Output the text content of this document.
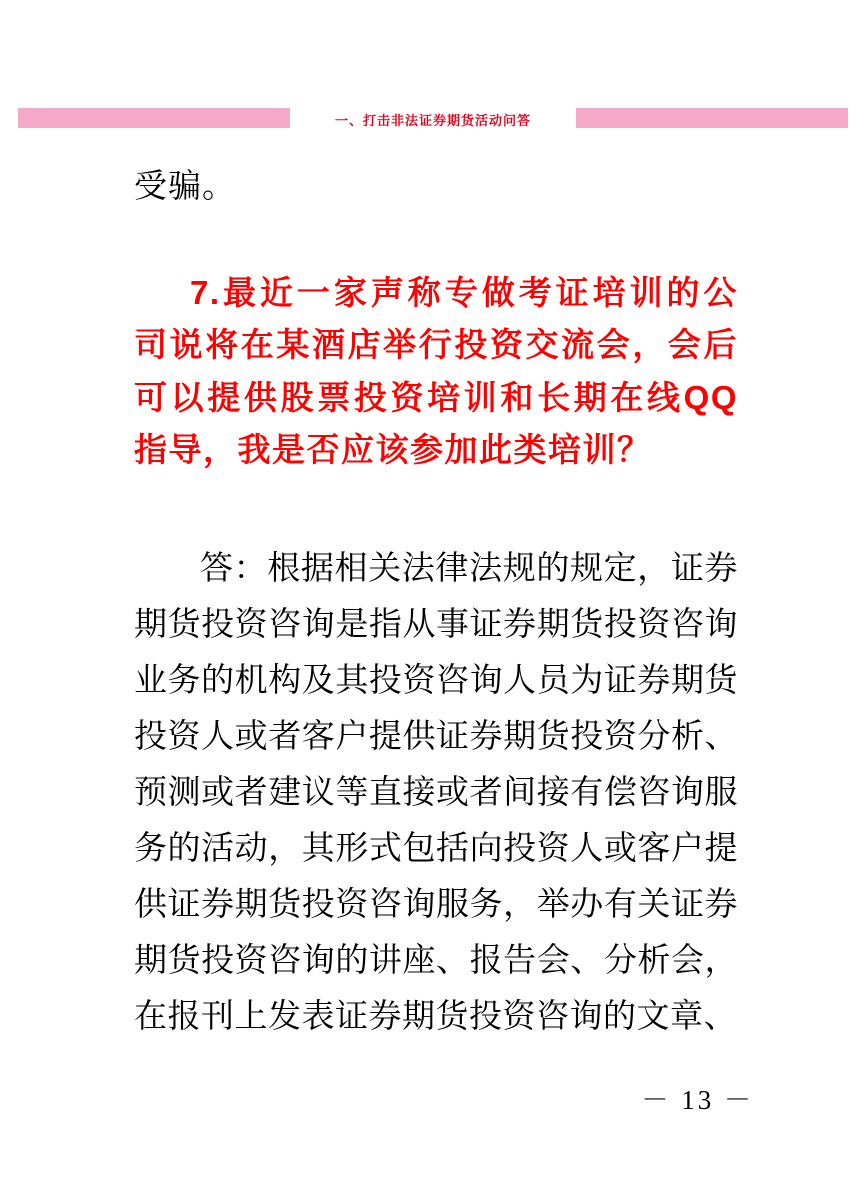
一、打击非法证券期货活动问答

受骗。

7.最近一家声称专做考证培训的公司说将在某酒店举行投资交流会，会后可以提供股票投资培训和长期在线QQ指导，我是否应该参加此类培训？

答：根据相关法律法规的规定，证券期货投资咨询是指从事证券期货投资咨询业务的机构及其投资咨询人员为证券期货投资人或者客户提供证券期货投资分析、预测或者建议等直接或者间接有偿咨询服务的活动，其形式包括向投资人或客户提供证券期货投资咨询服务，举办有关证券期货投资咨询的讲座、报告会、分析会，在报刊上发表证券期货投资咨询的文章、

－ 13 －
